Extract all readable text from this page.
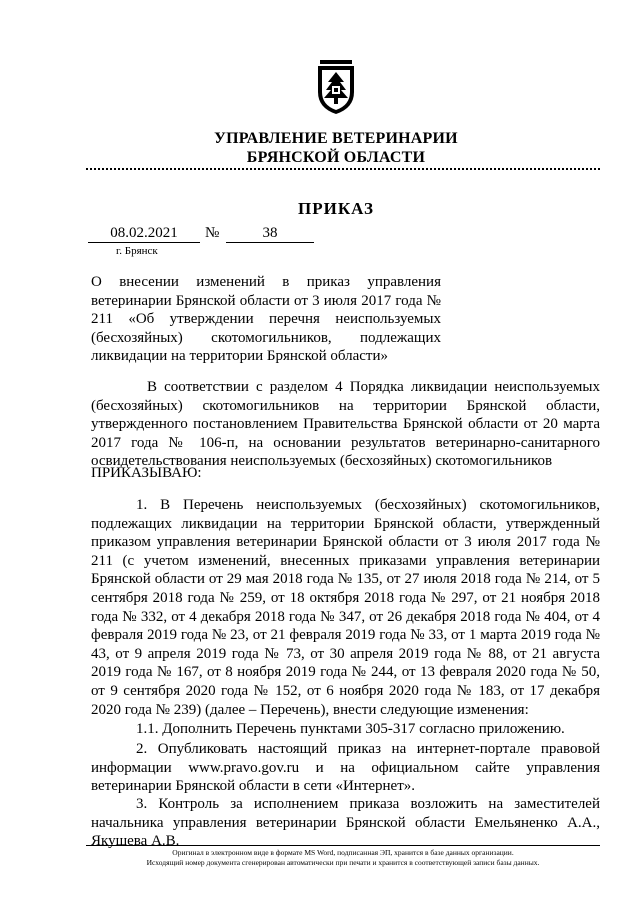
УПРАВЛЕНИЕ ВЕТЕРИНАРИИ
БРЯНСКОЙ ОБЛАСТИ
ПРИКАЗ
08.02.2021	№	38
г. Брянск
О внесении изменений в приказ управления ветеринарии Брянской области от 3 июля 2017 года № 211 «Об утверждении перечня неиспользуемых (бесхозяйных) скотомогильников, подлежащих ликвидации на территории Брянской области»
В соответствии с разделом 4 Порядка ликвидации неиспользуемых (бесхозяйных) скотомогильников на территории Брянской области, утвержденного постановлением Правительства Брянской области от 20 марта 2017 года № 106-п, на основании результатов ветеринарно-санитарного освидетельствования неиспользуемых (бесхозяйных) скотомогильников
ПРИКАЗЫВАЮ:
1. В Перечень неиспользуемых (бесхозяйных) скотомогильников, подлежащих ликвидации на территории Брянской области, утвержденный приказом управления ветеринарии Брянской области от 3 июля 2017 года № 211 (с учетом изменений, внесенных приказами управления ветеринарии Брянской области от 29 мая 2018 года № 135, от 27 июля 2018 года № 214, от 5 сентября 2018 года № 259, от 18 октября 2018 года № 297, от 21 ноября 2018 года № 332, от 4 декабря 2018 года № 347, от 26 декабря 2018 года № 404, от 4 февраля 2019 года № 23, от 21 февраля 2019 года № 33, от 1 марта 2019 года № 43, от 9 апреля 2019 года № 73, от 30 апреля 2019 года № 88, от 21 августа 2019 года № 167, от 8 ноября 2019 года № 244, от 13 февраля 2020 года № 50, от 9 сентября 2020 года № 152, от 6 ноября 2020 года № 183, от 17 декабря 2020 года № 239) (далее – Перечень), внести следующие изменения:
1.1. Дополнить Перечень пунктами 305-317 согласно приложению.
2. Опубликовать настоящий приказ на интернет-портале правовой информации www.pravo.gov.ru и на официальном сайте управления ветеринарии Брянской области в сети «Интернет».
3. Контроль за исполнением приказа возложить на заместителей начальника управления ветеринарии Брянской области Емельяненко А.А., Якушева А.В.
Оригинал в электронном виде в формате MS Word, подписанная ЭП, хранится в базе данных организации.
Исходящий номер документа сгенерирован автоматически при печати и хранится в соответствующей записи базы данных.
